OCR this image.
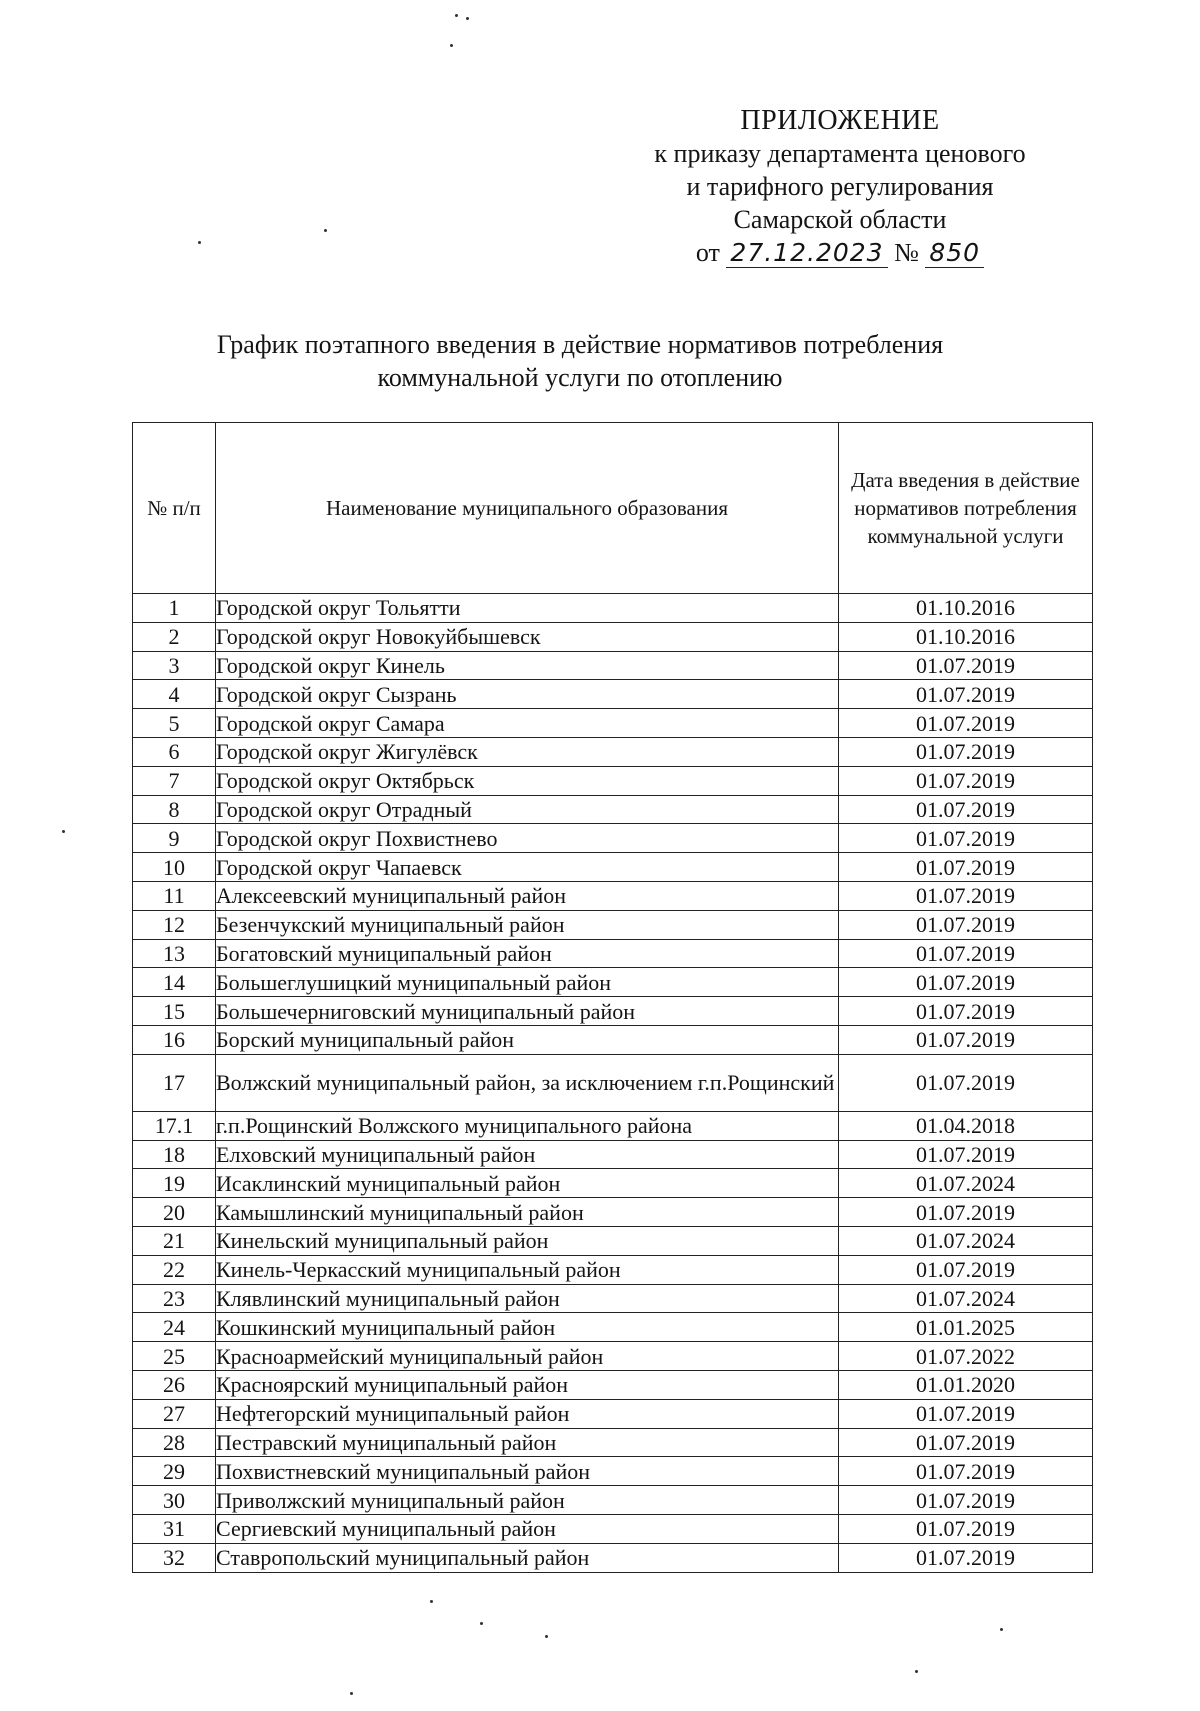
ПРИЛОЖЕНИЕ
к приказу департамента ценового
и тарифного регулирования
Самарской области
от 27.12.2023 № 850
График поэтапного введения в действие нормативов потребления
коммунальной услуги по отоплению
№ п/п	Наименование муниципального образования	Дата введения в действие нормативов потребления коммунальной услуги
1	Городской округ Тольятти	01.10.2016
2	Городской округ Новокуйбышевск	01.10.2016
3	Городской округ Кинель	01.07.2019
4	Городской округ Сызрань	01.07.2019
5	Городской округ Самара	01.07.2019
6	Городской округ Жигулёвск	01.07.2019
7	Городской округ Октябрьск	01.07.2019
8	Городской округ Отрадный	01.07.2019
9	Городской округ Похвистнево	01.07.2019
10	Городской округ Чапаевск	01.07.2019
11	Алексеевский муниципальный район	01.07.2019
12	Безенчукский муниципальный район	01.07.2019
13	Богатовский муниципальный район	01.07.2019
14	Большеглушицкий муниципальный район	01.07.2019
15	Большечерниговский муниципальный район	01.07.2019
16	Борский муниципальный район	01.07.2019
17	Волжский муниципальный район, за исключением г.п.Рощинский	01.07.2019
17.1	г.п.Рощинский Волжского муниципального района	01.04.2018
18	Елховский муниципальный район	01.07.2019
19	Исаклинский муниципальный район	01.07.2024
20	Камышлинский муниципальный район	01.07.2019
21	Кинельский муниципальный район	01.07.2024
22	Кинель-Черкасский муниципальный район	01.07.2019
23	Клявлинский муниципальный район	01.07.2024
24	Кошкинский муниципальный район	01.01.2025
25	Красноармейский муниципальный район	01.07.2022
26	Красноярский муниципальный район	01.01.2020
27	Нефтегорский муниципальный район	01.07.2019
28	Пестравский муниципальный район	01.07.2019
29	Похвистневский муниципальный район	01.07.2019
30	Приволжский муниципальный район	01.07.2019
31	Сергиевский муниципальный район	01.07.2019
32	Ставропольский муниципальный район	01.07.2019
